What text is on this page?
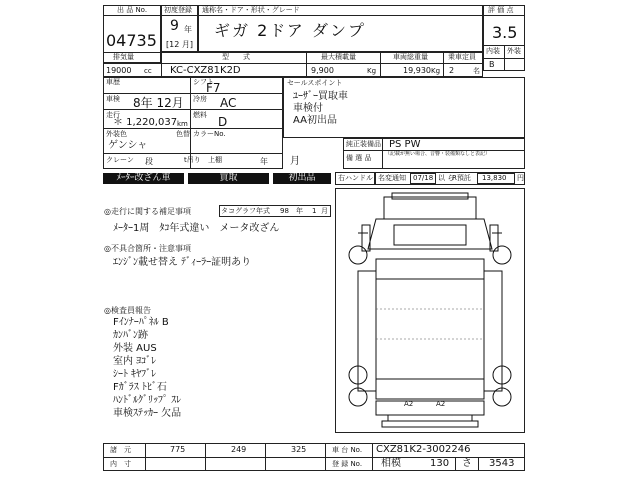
出 品 No.
04735
初度登録
9 年
[12 月]
通称名・ドア・形状・グレード
ギガ 2ドア ダンプ
評 価 点
3.5
内装 外装
B
排気量	型　　式	最大積載量	車両総重量	乗車定員
19000 cc KC-CXZ81K2D	9,900	Kg	19,930 Kg 2	名
車歴	シフト
F7
車検 8年 12月 冷房 AC
走行
＊ 1,220,037 km
燃料 D
外装色
ゲンシャ
色替 カラーNo.
クレーン 段	t吊り 上棚	年
セールスポイント
ﾕｰｻﾞｰ買取車
車検付
AA初出品
月
純正装備品 PS PW
備 選 品	（記載が無い場合、音響・装備類なしと表記）
ﾒｰﾀｰ改ざん車	買取	初出品	右ハンドル 名変通知 07/18 以 ら
R預託 13,830 円
◎走行に関する補足事項	タコグラフ年式 98 年 1 月
ﾒｰﾀｰ1周　ﾀｺ年式違い　メータ改ざん
◎不具合箇所・注意事項
ｴﾝｼﾞﾝ載せ替え ﾃﾞｨｰﾗｰ証明あり
◎検査員報告
Fｲﾝﾅｰﾊﾟﾈﾙ B
ｶﾝﾊﾞﾝ跡
外装 AUS
室内 ﾖｺﾞﾚ
ｼｰﾄ ｷﾔﾌﾞﾚ
Fｶﾞﾗｽ ﾄﾋﾞ石
ﾊﾝﾄﾞﾙｸﾞﾘｯﾌﾟ ｽﾚ
車検ｽﾃｯｶｰ 欠品
A2	A2
諸　元	775	249	325
内　寸
車 台 No. CXZ81K2-3002246
登 録 No. 相模	130 さ 3543
